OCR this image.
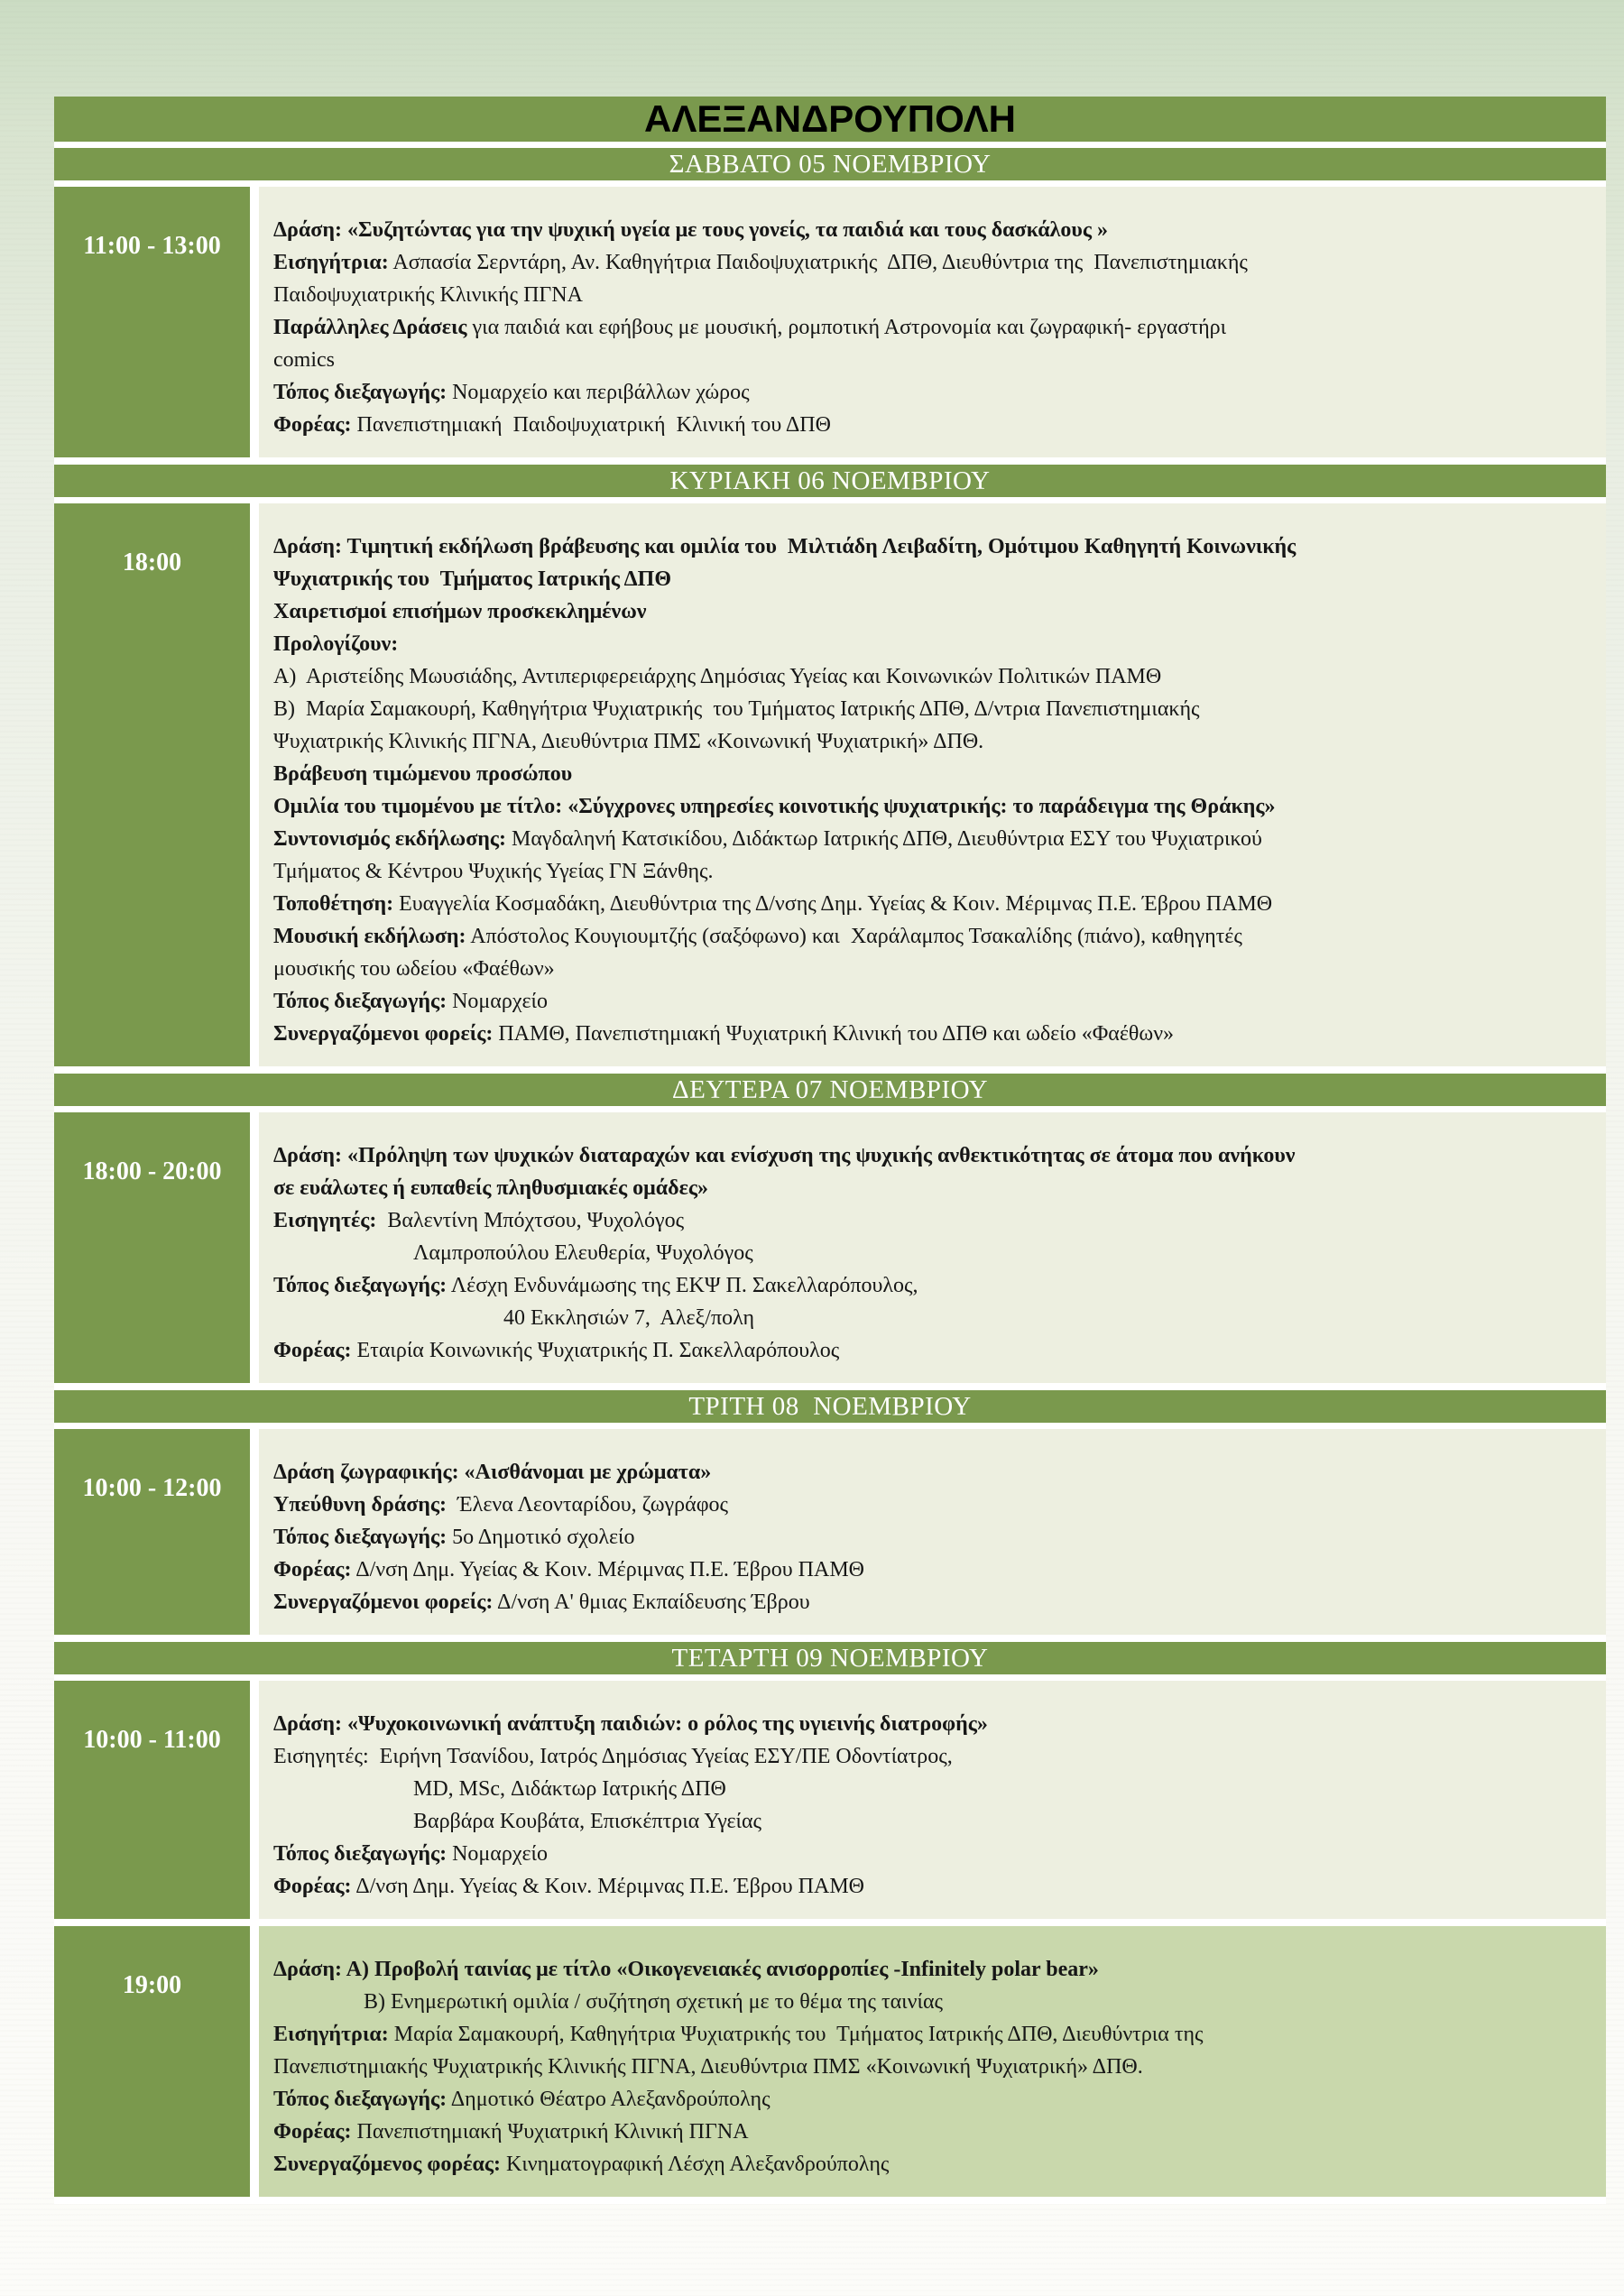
ΑΛΕΞΑΝΔΡΟΥΠΟΛΗ
ΣΑΒΒΑΤΟ 05 ΝΟΕΜΒΡΙΟΥ
11:00 - 13:00
Δράση: «Συζητώντας για την ψυχική υγεία με τους γονείς, τα παιδιά και τους δασκάλους »
Εισηγήτρια: Ασπασία Σερντάρη, Αν. Καθηγήτρια Παιδοψυχιατρικής  ΔΠΘ, Διευθύντρια της  Πανεπιστημιακής
Παιδοψυχιατρικής Κλινικής ΠΓΝΑ
Παράλληλες Δράσεις για παιδιά και εφήβους με μουσική, ρομποτική Αστρονομία και ζωγραφική- εργαστήρι
comics
Τόπος διεξαγωγής: Νομαρχείο και περιβάλλων χώρος
Φορέας: Πανεπιστημιακή  Παιδοψυχιατρική  Κλινική του ΔΠΘ
ΚΥΡΙΑΚΗ 06 ΝΟΕΜΒΡΙΟΥ
18:00
Δράση: Τιμητική εκδήλωση βράβευσης και ομιλία του  Μιλτιάδη Λειβαδίτη, Ομότιμου Καθηγητή Κοινωνικής
Ψυχιατρικής του  Τμήματος Ιατρικής ΔΠΘ
Χαιρετισμοί επισήμων προσκεκλημένων
Προλογίζουν:
Α)  Αριστείδης Μωυσιάδης, Αντιπεριφερειάρχης Δημόσιας Υγείας και Κοινωνικών Πολιτικών ΠΑΜΘ
Β)  Μαρία Σαμακουρή, Καθηγήτρια Ψυχιατρικής  του Τμήματος Ιατρικής ΔΠΘ, Δ/ντρια Πανεπιστημιακής
Ψυχιατρικής Κλινικής ΠΓΝΑ, Διευθύντρια ΠΜΣ «Κοινωνική Ψυχιατρική» ΔΠΘ.
Βράβευση τιμώμενου προσώπου
Ομιλία του τιμομένου με τίτλο: «Σύγχρονες υπηρεσίες κοινοτικής ψυχιατρικής: το παράδειγμα της Θράκης»
Συντονισμός εκδήλωσης: Μαγδαληνή Κατσικίδου, Διδάκτωρ Ιατρικής ΔΠΘ, Διευθύντρια ΕΣΥ του Ψυχιατρικού
Τμήματος & Κέντρου Ψυχικής Υγείας ΓΝ Ξάνθης.
Τοποθέτηση: Ευαγγελία Κοσμαδάκη, Διευθύντρια της Δ/νσης Δημ. Υγείας & Κοιν. Μέριμνας Π.Ε. Έβρου ΠΑΜΘ
Μουσική εκδήλωση: Απόστολος Κουγιουμτζής (σαξόφωνο) και  Χαράλαμπος Τσακαλίδης (πιάνο), καθηγητές
μουσικής του ωδείου «Φαέθων»
Τόπος διεξαγωγής: Νομαρχείο
Συνεργαζόμενοι φορείς: ΠΑΜΘ, Πανεπιστημιακή Ψυχιατρική Κλινική του ΔΠΘ και ωδείο «Φαέθων»
ΔΕΥΤΕΡΑ 07 ΝΟΕΜΒΡΙΟΥ
18:00 - 20:00
Δράση: «Πρόληψη των ψυχικών διαταραχών και ενίσχυση της ψυχικής ανθεκτικότητας σε άτομα που ανήκουν
σε ευάλωτες ή ευπαθείς πληθυσμιακές ομάδες»
Εισηγητές:  Βαλεντίνη Μπόχτσου, Ψυχολόγος
Λαμπροπούλου Ελευθερία, Ψυχολόγος
Τόπος διεξαγωγής: Λέσχη Ενδυνάμωσης της ΕΚΨ Π. Σακελλαρόπουλος,
40 Εκκλησιών 7,  Αλεξ/πολη
Φορέας: Εταιρία Κοινωνικής Ψυχιατρικής Π. Σακελλαρόπουλος
ΤΡΙΤΗ 08  ΝΟΕΜΒΡΙΟΥ
10:00 - 12:00
Δράση ζωγραφικής: «Αισθάνομαι με χρώματα»
Υπεύθυνη δράσης:  Έλενα Λεονταρίδου, ζωγράφος
Τόπος διεξαγωγής: 5ο Δημοτικό σχολείο
Φορέας: Δ/νση Δημ. Υγείας & Κοιν. Μέριμνας Π.Ε. Έβρου ΠΑΜΘ
Συνεργαζόμενοι φορείς: Δ/νση Α' θμιας Εκπαίδευσης Έβρου
ΤΕΤΑΡΤΗ 09 ΝΟΕΜΒΡΙΟΥ
10:00 - 11:00
Δράση: «Ψυχοκοινωνική ανάπτυξη παιδιών: ο ρόλος της υγιεινής διατροφής»
Εισηγητές:  Ειρήνη Τσανίδου, Ιατρός Δημόσιας Υγείας ΕΣΥ/ΠΕ Οδοντίατρος,
MD, MSc, Διδάκτωρ Ιατρικής ΔΠΘ
Βαρβάρα Κουβάτα, Επισκέπτρια Υγείας
Τόπος διεξαγωγής: Νομαρχείο
Φορέας: Δ/νση Δημ. Υγείας & Κοιν. Μέριμνας Π.Ε. Έβρου ΠΑΜΘ
19:00
Δράση: Α) Προβολή ταινίας με τίτλο «Οικογενειακές ανισορροπίες -Infinitely polar bear»
Β) Ενημερωτική ομιλία / συζήτηση σχετική με το θέμα της ταινίας
Εισηγήτρια: Μαρία Σαμακουρή, Καθηγήτρια Ψυχιατρικής του  Τμήματος Ιατρικής ΔΠΘ, Διευθύντρια της
Πανεπιστημιακής Ψυχιατρικής Κλινικής ΠΓΝΑ, Διευθύντρια ΠΜΣ «Κοινωνική Ψυχιατρική» ΔΠΘ.
Τόπος διεξαγωγής: Δημοτικό Θέατρο Αλεξανδρούπολης
Φορέας: Πανεπιστημιακή Ψυχιατρική Κλινική ΠΓΝΑ
Συνεργαζόμενος φορέας: Κινηματογραφική Λέσχη Αλεξανδρούπολης
